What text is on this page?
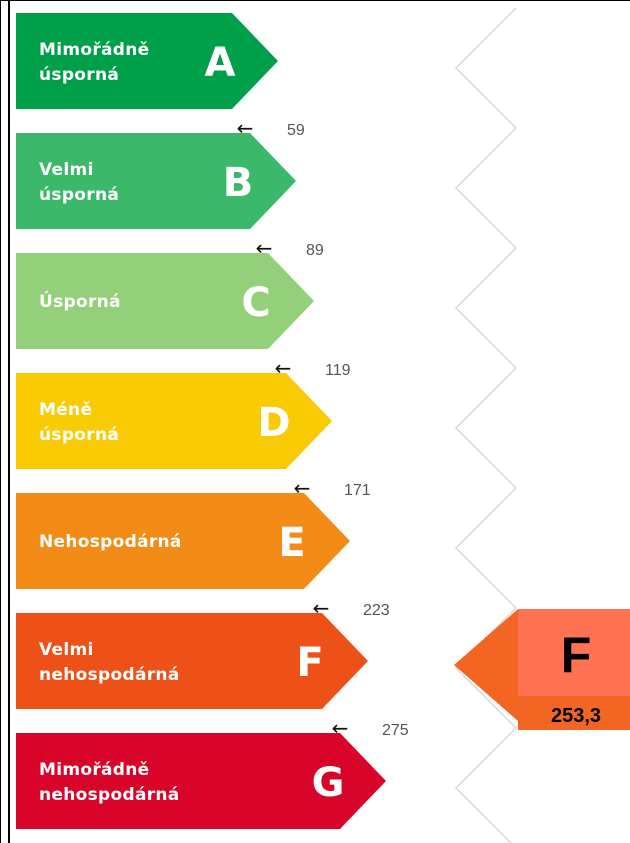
Mimořádně
úsporná A
Velmi
úsporná	B
Úsporná	C
Méně
úsporná	D
Nehospodárná E
Velmi
nehospodárná	F
Mimořádně
nehospodárná	G
← 59
← 89
← 119
← 171
← 223
← 275
F
253,3
